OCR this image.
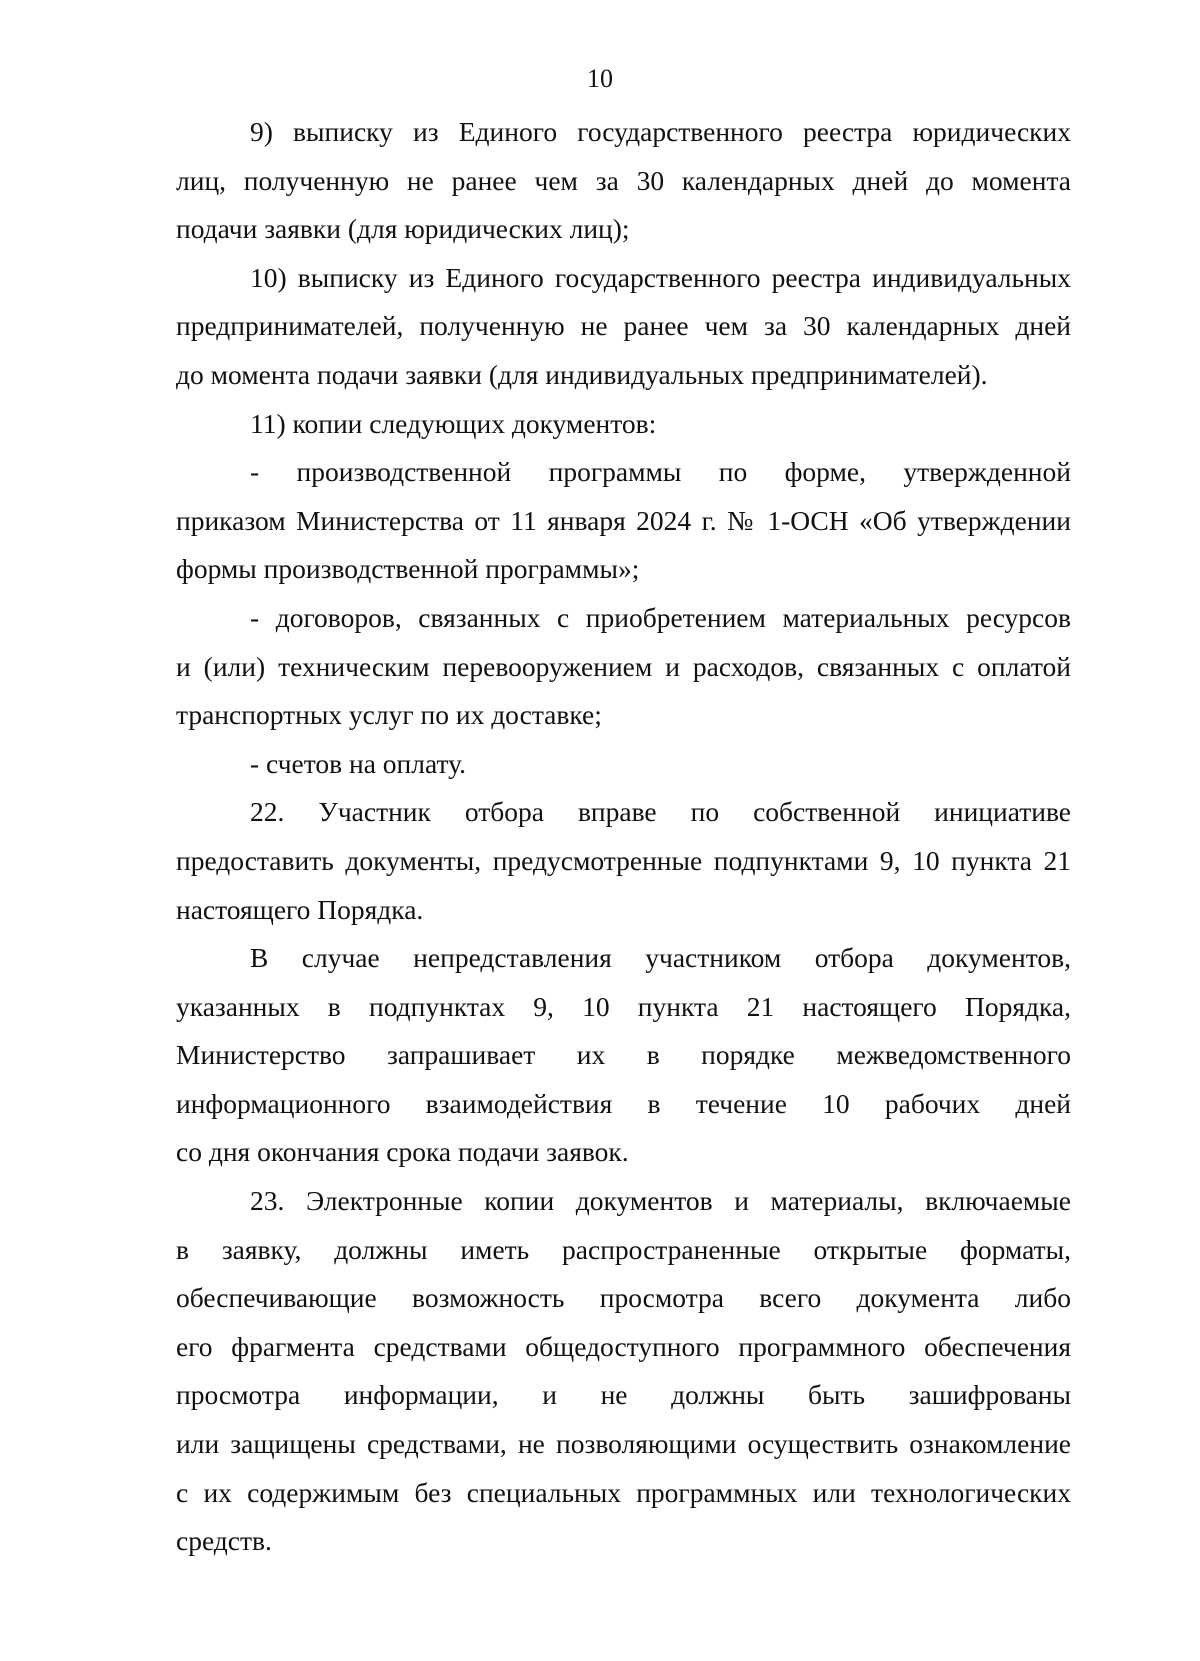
10
9) выписку из Единого государственного реестра юридических
лиц, полученную не ранее чем за 30 календарных дней до момента
подачи заявки (для юридических лиц);
10) выписку из Единого государственного реестра индивидуальных
предпринимателей, полученную не ранее чем за 30 календарных дней
до момента подачи заявки (для индивидуальных предпринимателей).
11) копии следующих документов:
- производственной программы по форме, утвержденной
приказом Министерства от 11 января 2024 г. № 1-ОСН «Об утверждении
формы производственной программы»;
- договоров, связанных с приобретением материальных ресурсов
и (или) техническим перевооружением и расходов, связанных с оплатой
транспортных услуг по их доставке;
- счетов на оплату.
22. Участник отбора вправе по собственной инициативе
предоставить документы, предусмотренные подпунктами 9, 10 пункта 21
настоящего Порядка.
В случае непредставления участником отбора документов,
указанных в подпунктах 9, 10 пункта 21 настоящего Порядка,
Министерство запрашивает их в порядке межведомственного
информационного взаимодействия в течение 10 рабочих дней
со дня окончания срока подачи заявок.
23. Электронные копии документов и материалы, включаемые
в заявку, должны иметь распространенные открытые форматы,
обеспечивающие возможность просмотра всего документа либо
его фрагмента средствами общедоступного программного обеспечения
просмотра информации, и не должны быть зашифрованы
или защищены средствами, не позволяющими осуществить ознакомление
с их содержимым без специальных программных или технологических
средств.
